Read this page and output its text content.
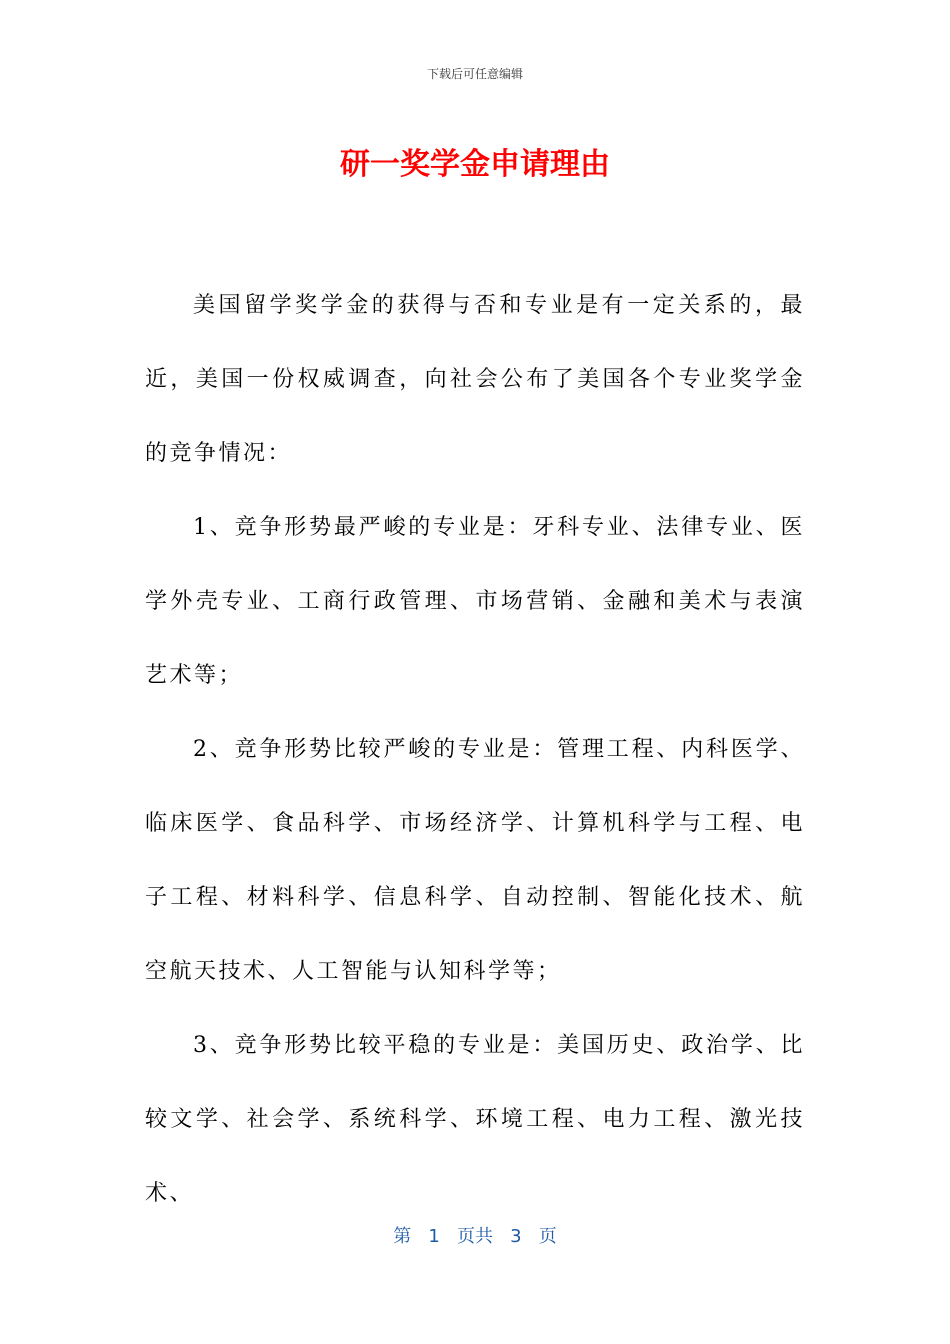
下载后可任意编辑
研一奖学金申请理由

美国留学奖学金的获得与否和专业是有一定关系的，最近，美国一份权威调查，向社会公布了美国各个专业奖学金的竞争情况：

1、竞争形势最严峻的专业是：牙科专业、法律专业、医学外壳专业、工商行政管理、市场营销、金融和美术与表演艺术等；

2、竞争形势比较严峻的专业是：管理工程、内科医学、临床医学、食品科学、市场经济学、计算机科学与工程、电子工程、材料科学、信息科学、自动控制、智能化技术、航空航天技术、人工智能与认知科学等；

3、竞争形势比较平稳的专业是：美国历史、政治学、比较文学、社会学、系统科学、环境工程、电力工程、激光技术、

第 1 页共 3 页
